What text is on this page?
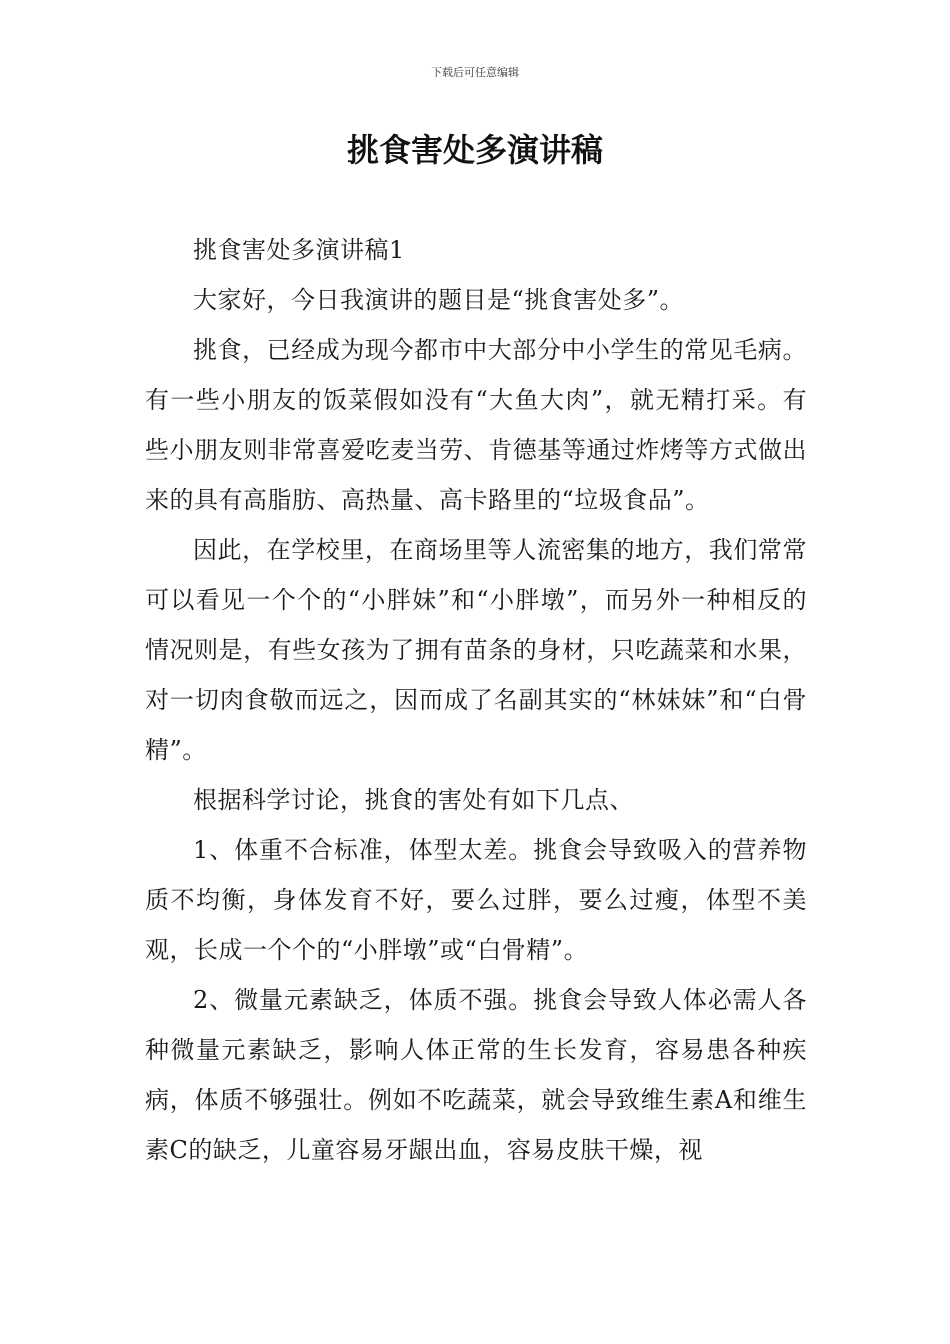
下载后可任意编辑
挑食害处多演讲稿

挑食害处多演讲稿1

大家好，今日我演讲的题目是“挑食害处多”。

挑食，已经成为现今都市中大部分中小学生的常见毛病。有一些小朋友的饭菜假如没有“大鱼大肉”，就无精打采。有些小朋友则非常喜爱吃麦当劳、肯德基等通过炸烤等方式做出来的具有高脂肪、高热量、高卡路里的“垃圾食品”。

因此，在学校里，在商场里等人流密集的地方，我们常常可以看见一个个的“小胖妹”和“小胖墩”，而另外一种相反的情况则是，有些女孩为了拥有苗条的身材，只吃蔬菜和水果，对一切肉食敬而远之，因而成了名副其实的“林妹妹”和“白骨精”。

根据科学讨论，挑食的害处有如下几点、

1、体重不合标准，体型太差。挑食会导致吸入的营养物质不均衡，身体发育不好，要么过胖，要么过瘦，体型不美观，长成一个个的“小胖墩”或“白骨精”。

2、微量元素缺乏，体质不强。挑食会导致人体必需人各种微量元素缺乏，影响人体正常的生长发育，容易患各种疾病，体质不够强壮。例如不吃蔬菜，就会导致维生素A和维生素C的缺乏，儿童容易牙龈出血，容易皮肤干燥，视
